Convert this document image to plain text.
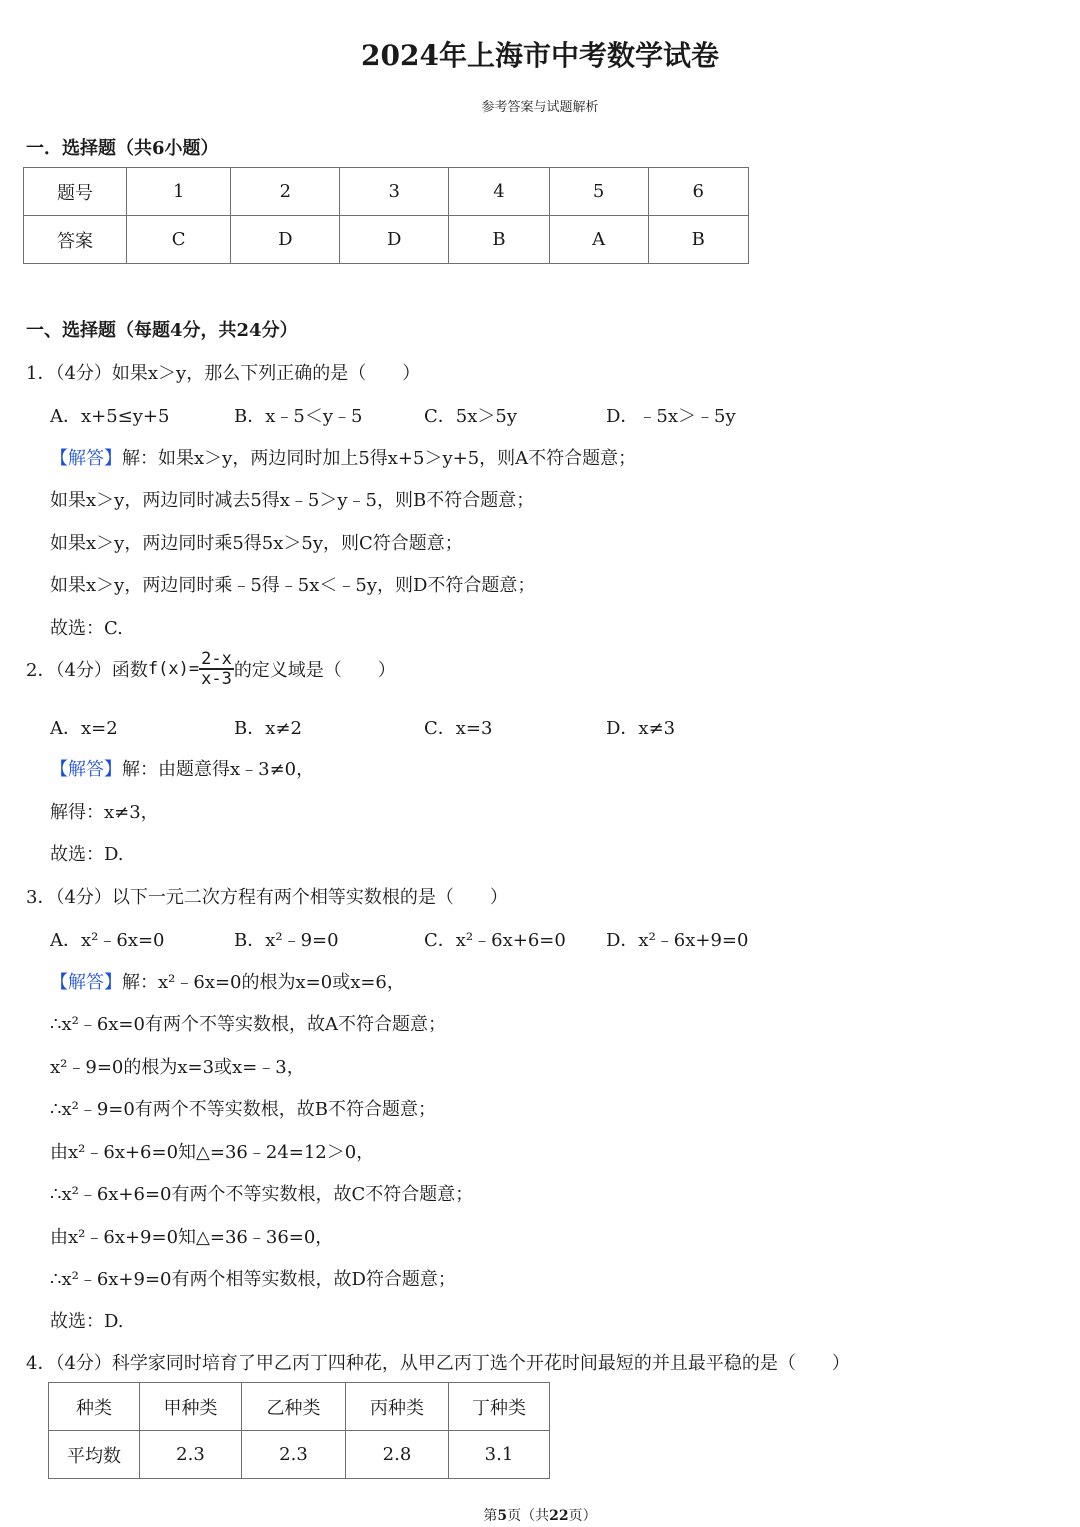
2024年上海市中考数学试卷
参考答案与试题解析
一．选择题（共6小题）
题号	1	2	3	4	5	6
答案	C	D	D	B	A	B
一、选择题（每题4分，共24分）
1．（4分）如果x＞y，那么下列正确的是（　　）
A．x+5≤y+5	B．x﹣5＜y﹣5	C．5x＞5y	D．﹣5x＞﹣5y
【解答】解：如果x＞y，两边同时加上5得x+5＞y+5，则A不符合题意；
如果x＞y，两边同时减去5得x﹣5＞y﹣5，则B不符合题意；
如果x＞y，两边同时乘5得5x＞5y，则C符合题意；
如果x＞y，两边同时乘﹣5得﹣5x＜﹣5y，则D不符合题意；
故选：C.
2．（4分）函数$f(x)= \frac{2-x}{x-3}$ 的定义域是（　　）
A．x=2	B．x≠2	C．x=3	D．x≠3
【解答】解：由题意得x﹣3≠0，
解得：x≠3，
故选：D.
3．（4分）以下一元二次方程有两个相等实数根的是（　　）
A．x²﹣6x=0	B．x²﹣9=0	C．x²﹣6x+6=0 D．x²﹣6x+9=0
【解答】解：x²﹣6x=0的根为x=0或x=6，
∴x²﹣6x=0有两个不等实数根，故A不符合题意；
x²﹣9=0的根为x=3或x=﹣3，
∴x²﹣9=0有两个不等实数根，故B不符合题意；
由x²﹣6x+6=0知△=36﹣24=12＞0，
∴x²﹣6x+6=0有两个不等实数根，故C不符合题意；
由x²﹣6x+9=0知△=36﹣36=0，
∴x²﹣6x+9=0有两个相等实数根，故D符合题意；
故选：D.
4．（4分）科学家同时培育了甲乙丙丁四种花，从甲乙丙丁选个开花时间最短的并且最平稳的是（　　）
种类	甲种类	乙种类	丙种类	丁种类
平均数	2.3	2.3	2.8	3.1
第5页（共22页）
